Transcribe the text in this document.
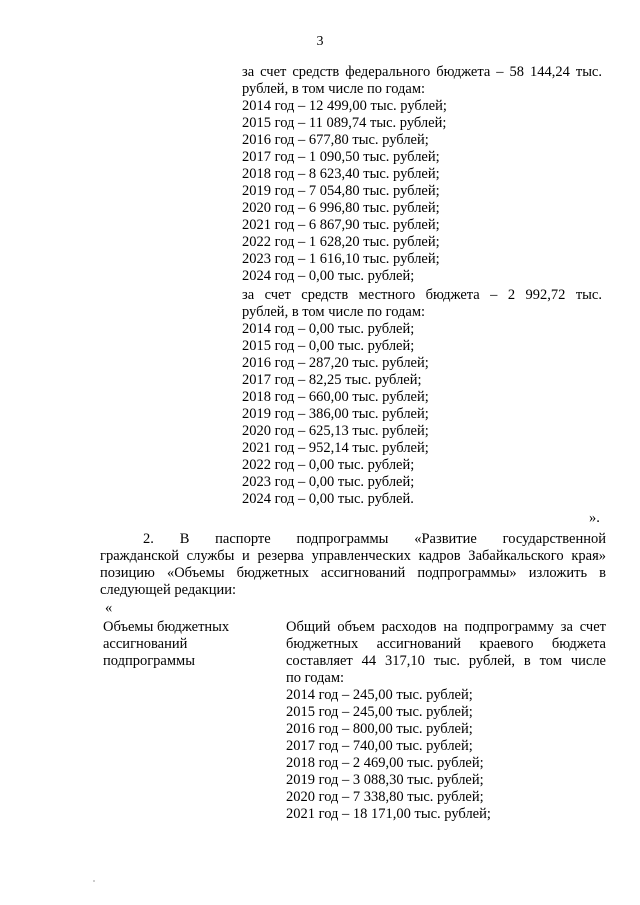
3
за счет средств федерального бюджета – 58 144,24 тыс.
рублей, в том числе по годам:
2014 год – 12 499,00 тыс. рублей;
2015 год – 11 089,74 тыс. рублей;
2016 год – 677,80 тыс. рублей;
2017 год – 1 090,50 тыс. рублей;
2018 год – 8 623,40 тыс. рублей;
2019 год – 7 054,80 тыс. рублей;
2020 год – 6 996,80 тыс. рублей;
2021 год – 6 867,90 тыс. рублей;
2022 год – 1 628,20 тыс. рублей;
2023 год – 1 616,10 тыс. рублей;
2024 год – 0,00 тыс. рублей;
за счет средств местного бюджета – 2 992,72 тыс.
рублей, в том числе по годам:
2014 год – 0,00 тыс. рублей;
2015 год – 0,00 тыс. рублей;
2016 год – 287,20 тыс. рублей;
2017 год – 82,25 тыс. рублей;
2018 год – 660,00 тыс. рублей;
2019 год – 386,00 тыс. рублей;
2020 год – 625,13 тыс. рублей;
2021 год – 952,14 тыс. рублей;
2022 год – 0,00 тыс. рублей;
2023 год – 0,00 тыс. рублей;
2024 год – 0,00 тыс. рублей.
».
2. В паспорте подпрограммы «Развитие государственной
гражданской службы и резерва управленческих кадров Забайкальского края»
позицию «Объемы бюджетных ассигнований подпрограммы» изложить в
следующей редакции:
«
Объемы бюджетных
ассигнований
подпрограммы
Общий объем расходов на подпрограмму за счет
бюджетных ассигнований краевого бюджета
составляет 44 317,10 тыс. рублей, в том числе
по годам:
2014 год – 245,00 тыс. рублей;
2015 год – 245,00 тыс. рублей;
2016 год – 800,00 тыс. рублей;
2017 год – 740,00 тыс. рублей;
2018 год – 2 469,00 тыс. рублей;
2019 год – 3 088,30 тыс. рублей;
2020 год – 7 338,80 тыс. рублей;
2021 год – 18 171,00 тыс. рублей;
